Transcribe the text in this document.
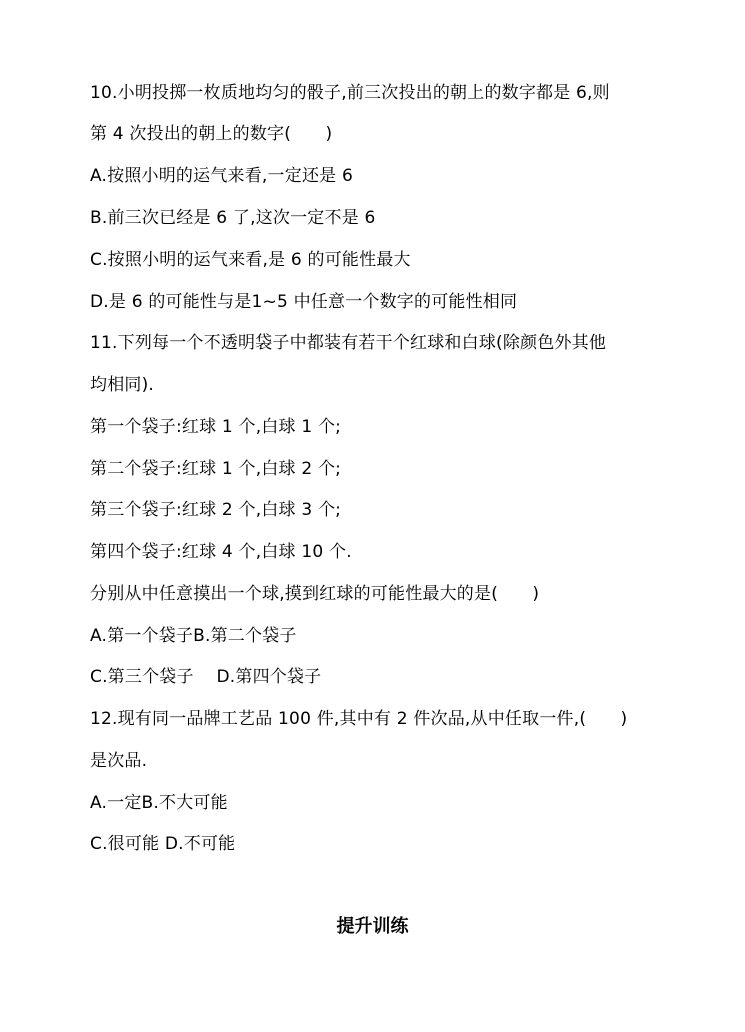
10.小明投掷一枚质地均匀的骰子,前三次投出的朝上的数字都是 6,则
第 4 次投出的朝上的数字(　　)
A.按照小明的运气来看,一定还是 6
B.前三次已经是 6 了,这次一定不是 6
C.按照小明的运气来看,是 6 的可能性最大
D.是 6 的可能性与是1~5 中任意一个数字的可能性相同
11.下列每一个不透明袋子中都装有若干个红球和白球(除颜色外其他
均相同).
第一个袋子:红球 1 个,白球 1 个;
第二个袋子:红球 1 个,白球 2 个;
第三个袋子:红球 2 个,白球 3 个;
第四个袋子:红球 4 个,白球 10 个.
分别从中任意摸出一个球,摸到红球的可能性最大的是(　　)
A.第一个袋子B.第二个袋子
C.第三个袋子　 D.第四个袋子
12.现有同一品牌工艺品 100 件,其中有 2 件次品,从中任取一件,(　　)
是次品.
A.一定B.不大可能
C.很可能 D.不可能
提升训练
